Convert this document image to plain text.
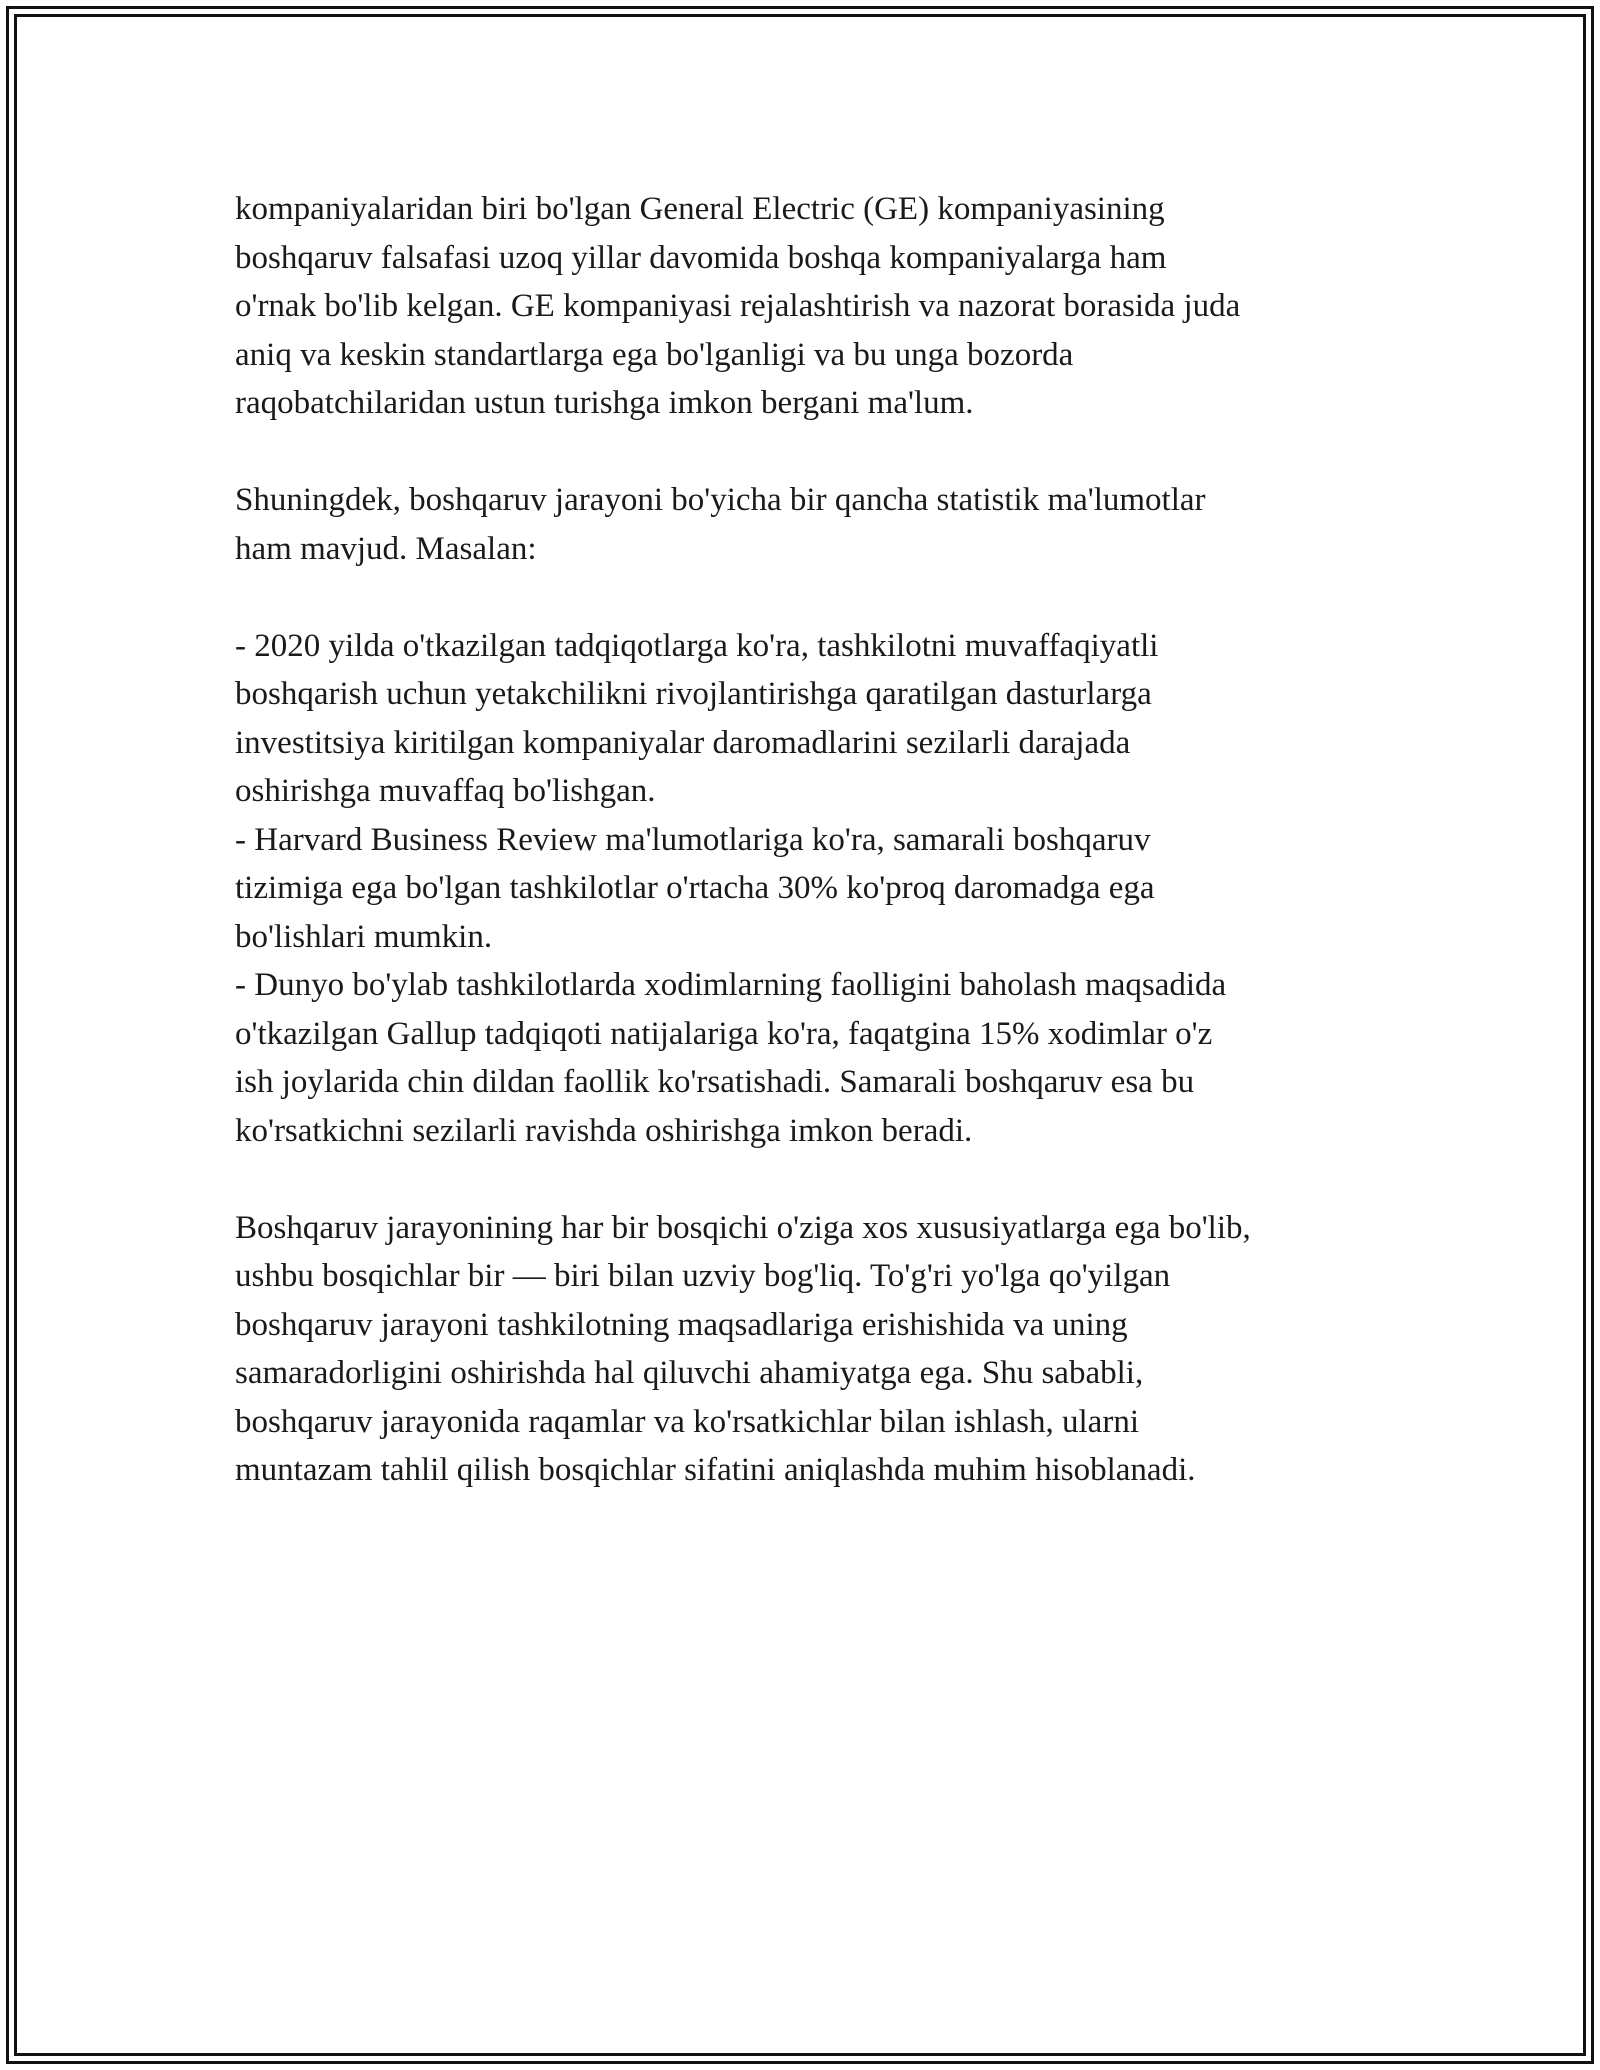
kompaniyalaridan biri bo'lgan General Electric (GE) kompaniyasining
boshqaruv falsafasi uzoq yillar davomida boshqa kompaniyalarga ham
o'rnak bo'lib kelgan. GE kompaniyasi rejalashtirish va nazorat borasida juda
aniq va keskin standartlarga ega bo'lganligi va bu unga bozorda
raqobatchilaridan ustun turishga imkon bergani ma'lum.

Shuningdek, boshqaruv jarayoni bo'yicha bir qancha statistik ma'lumotlar
ham mavjud. Masalan:

- 2020 yilda o'tkazilgan tadqiqotlarga ko'ra, tashkilotni muvaffaqiyatli
boshqarish uchun yetakchilikni rivojlantirishga qaratilgan dasturlarga
investitsiya kiritilgan kompaniyalar daromadlarini sezilarli darajada
oshirishga muvaffaq bo'lishgan.
- Harvard Business Review ma'lumotlariga ko'ra, samarali boshqaruv
tizimiga ega bo'lgan tashkilotlar o'rtacha 30% ko'proq daromadga ega
bo'lishlari mumkin.
- Dunyo bo'ylab tashkilotlarda xodimlarning faolligini baholash maqsadida
o'tkazilgan Gallup tadqiqoti natijalariga ko'ra, faqatgina 15% xodimlar o'z
ish joylarida chin dildan faollik ko'rsatishadi. Samarali boshqaruv esa bu
ko'rsatkichni sezilarli ravishda oshirishga imkon beradi.

Boshqaruv jarayonining har bir bosqichi o'ziga xos xususiyatlarga ega bo'lib,
ushbu bosqichlar bir — biri bilan uzviy bog'liq. To'g'ri yo'lga qo'yilgan
boshqaruv jarayoni tashkilotning maqsadlariga erishishida va uning
samaradorligini oshirishda hal qiluvchi ahamiyatga ega. Shu sababli,
boshqaruv jarayonida raqamlar va ko'rsatkichlar bilan ishlash, ularni
muntazam tahlil qilish bosqichlar sifatini aniqlashda muhim hisoblanadi.
